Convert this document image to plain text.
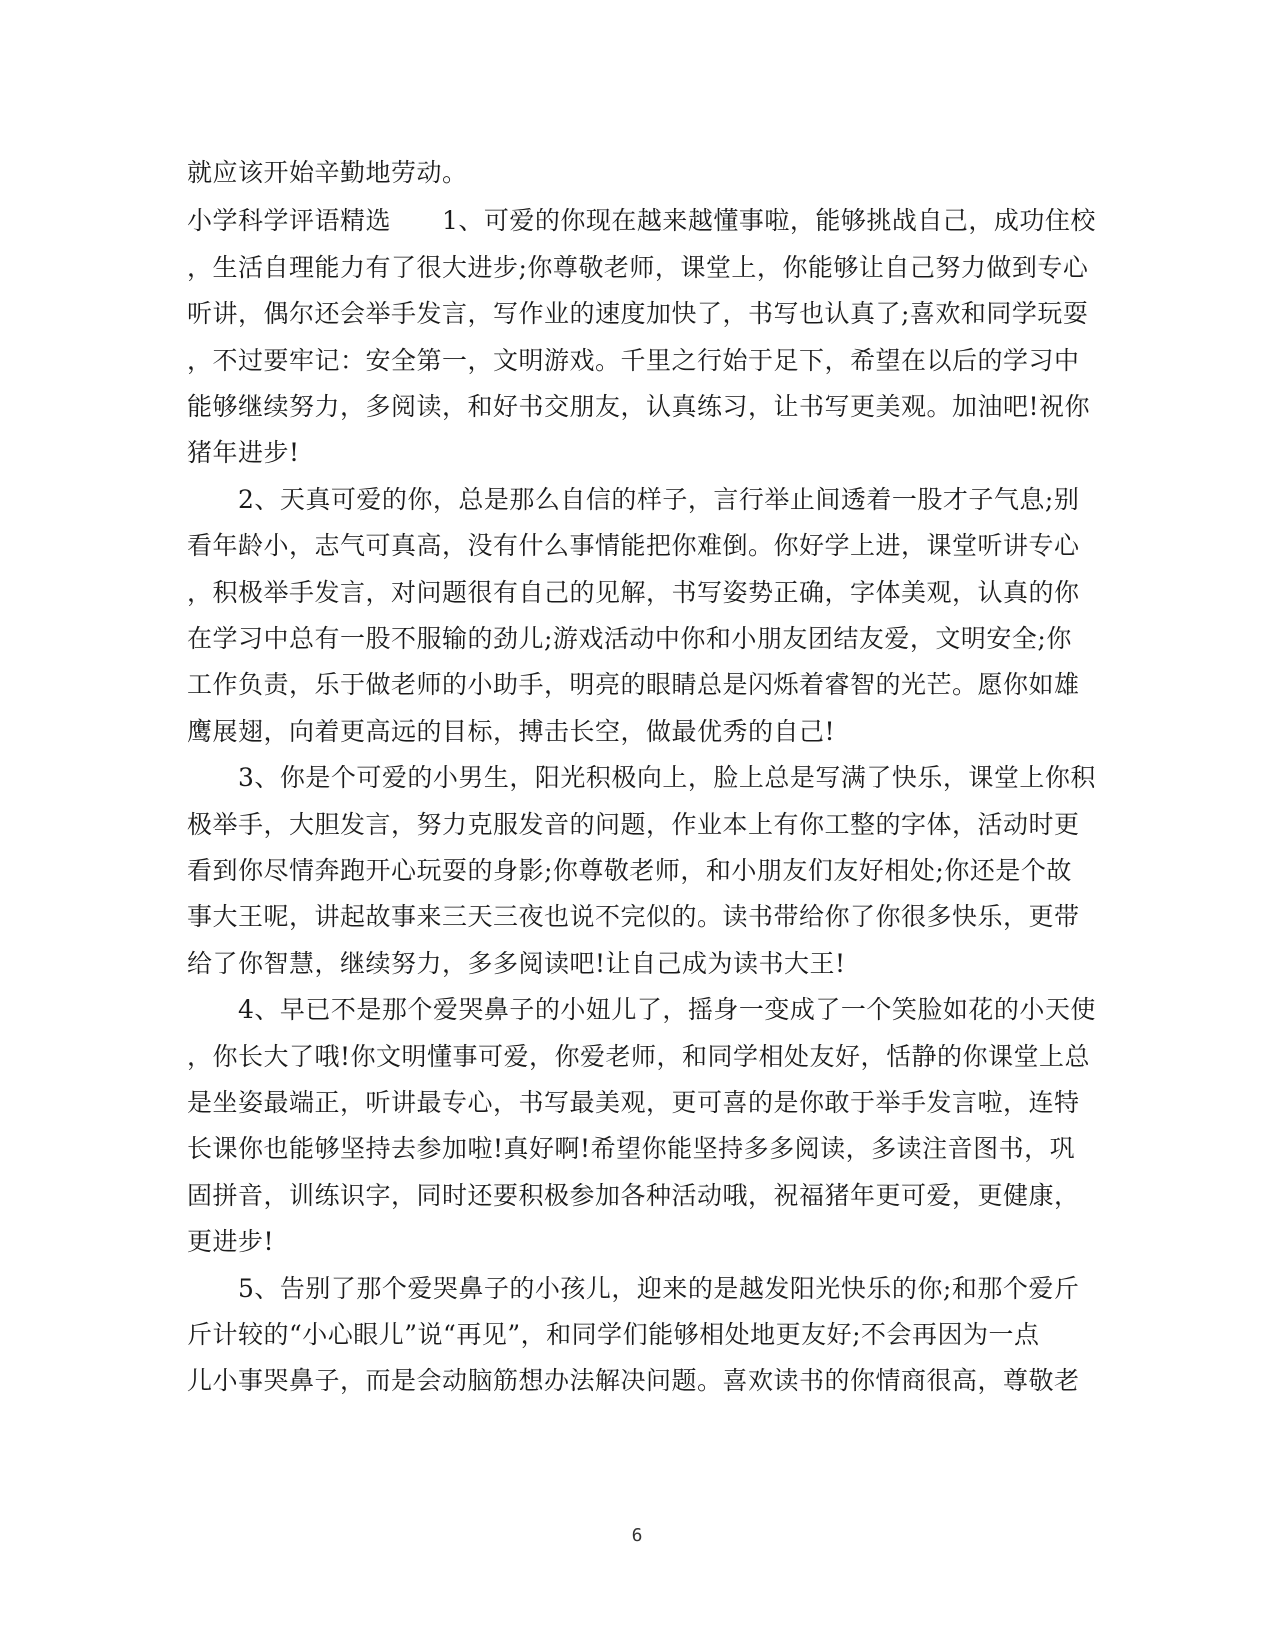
就应该开始辛勤地劳动。
小学科学评语精选　　1、可爱的你现在越来越懂事啦，能够挑战自己，成功住校
，生活自理能力有了很大进步;你尊敬老师，课堂上，你能够让自己努力做到专心
听讲，偶尔还会举手发言，写作业的速度加快了，书写也认真了;喜欢和同学玩耍
，不过要牢记：安全第一，文明游戏。千里之行始于足下，希望在以后的学习中
能够继续努力，多阅读，和好书交朋友，认真练习，让书写更美观。加油吧!祝你
猪年进步!
　　2、天真可爱的你，总是那么自信的样子，言行举止间透着一股才子气息;别
看年龄小，志气可真高，没有什么事情能把你难倒。你好学上进，课堂听讲专心
，积极举手发言，对问题很有自己的见解，书写姿势正确，字体美观，认真的你
在学习中总有一股不服输的劲儿;游戏活动中你和小朋友团结友爱，文明安全;你
工作负责，乐于做老师的小助手，明亮的眼睛总是闪烁着睿智的光芒。愿你如雄
鹰展翅，向着更高远的目标，搏击长空，做最优秀的自己!
　　3、你是个可爱的小男生，阳光积极向上，脸上总是写满了快乐，课堂上你积
极举手，大胆发言，努力克服发音的问题，作业本上有你工整的字体，活动时更
看到你尽情奔跑开心玩耍的身影;你尊敬老师，和小朋友们友好相处;你还是个故
事大王呢，讲起故事来三天三夜也说不完似的。读书带给你了你很多快乐，更带
给了你智慧，继续努力，多多阅读吧!让自己成为读书大王!
　　4、早已不是那个爱哭鼻子的小妞儿了，摇身一变成了一个笑脸如花的小天使
，你长大了哦!你文明懂事可爱，你爱老师，和同学相处友好，恬静的你课堂上总
是坐姿最端正，听讲最专心，书写最美观，更可喜的是你敢于举手发言啦，连特
长课你也能够坚持去参加啦!真好啊!希望你能坚持多多阅读，多读注音图书，巩
固拼音，训练识字，同时还要积极参加各种活动哦，祝福猪年更可爱，更健康，
更进步!
　　5、告别了那个爱哭鼻子的小孩儿，迎来的是越发阳光快乐的你;和那个爱斤
斤计较的“小心眼儿”说“再见”，和同学们能够相处地更友好;不会再因为一点
儿小事哭鼻子，而是会动脑筋想办法解决问题。喜欢读书的你情商很高，尊敬老
6
